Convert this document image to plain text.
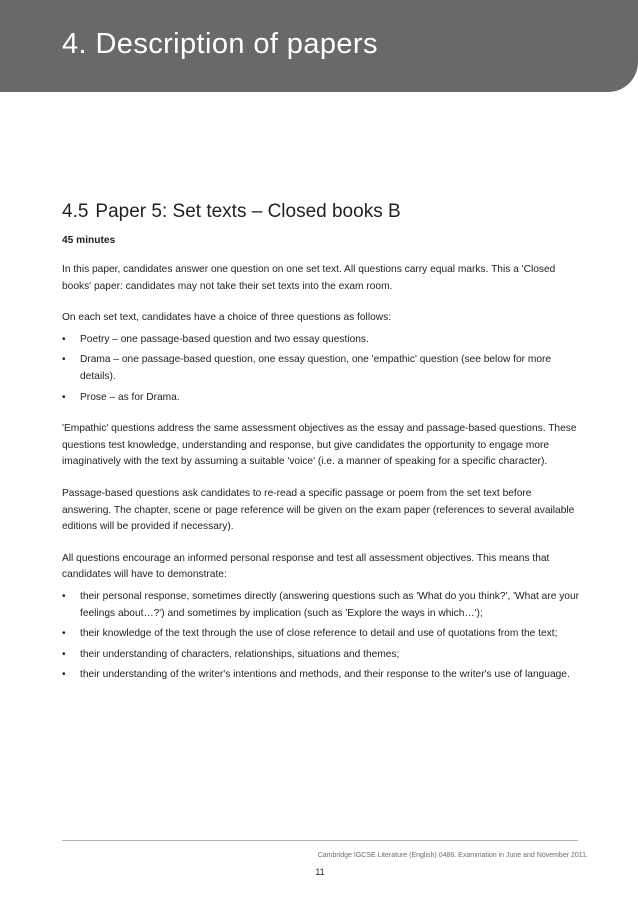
4. Description of papers
4.5 Paper 5: Set texts – Closed books B
45 minutes

In this paper, candidates answer one question on one set text. All questions carry equal marks. This a 'Closed books' paper: candidates may not take their set texts into the exam room.

On each set text, candidates have a choice of three questions as follows:

• Poetry – one passage-based question and two essay questions.
• Drama – one passage-based question, one essay question, one 'empathic' question (see below for more details).
• Prose – as for Drama.

'Empathic' questions address the same assessment objectives as the essay and passage-based questions. These questions test knowledge, understanding and response, but give candidates the opportunity to engage more imaginatively with the text by assuming a suitable 'voice' (i.e. a manner of speaking for a specific character).

Passage-based questions ask candidates to re-read a specific passage or poem from the set text before answering. The chapter, scene or page reference will be given on the exam paper (references to several available editions will be provided if necessary).

All questions encourage an informed personal response and test all assessment objectives. This means that candidates will have to demonstrate:

• their personal response, sometimes directly (answering questions such as 'What do you think?', 'What are your feelings about…?') and sometimes by implication (such as 'Explore the ways in which…');
• their knowledge of the text through the use of close reference to detail and use of quotations from the text;
• their understanding of characters, relationships, situations and themes;
• their understanding of the writer's intentions and methods, and their response to the writer's use of language.
Cambridge IGCSE Literature (English) 0486. Examination in June and November 2011.
11
